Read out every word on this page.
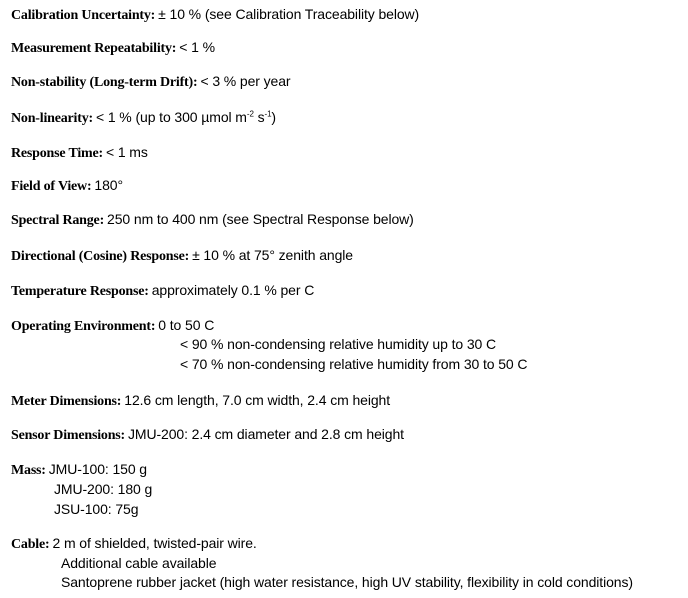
Calibration Uncertainty: ± 10 % (see Calibration Traceability below)
Measurement Repeatability: < 1 %
Non-stability (Long-term Drift): < 3 % per year
Non-linearity: < 1 % (up to 300 µmol $m^{-2}$ $s^{-1}$)
Response Time: < 1 ms
Field of View: 180°
Spectral Range: 250 nm to 400 nm (see Spectral Response below)
Directional (Cosine) Response: ± 10 % at 75° zenith angle
Temperature Response: approximately 0.1 % per C
Operating Environment: 0 to 50 C
< 90 % non-condensing relative humidity up to 30 C
< 70 % non-condensing relative humidity from 30 to 50 C
Meter Dimensions: 12.6 cm length, 7.0 cm width, 2.4 cm height
Sensor Dimensions: JMU-200: 2.4 cm diameter and 2.8 cm height
Mass: JMU-100: 150 g
JMU-200: 180 g
JSU-100: 75g
Cable: 2 m of shielded, twisted-pair wire.
Additional cable available
Santoprene rubber jacket (high water resistance, high UV stability, flexibility in cold conditions)
